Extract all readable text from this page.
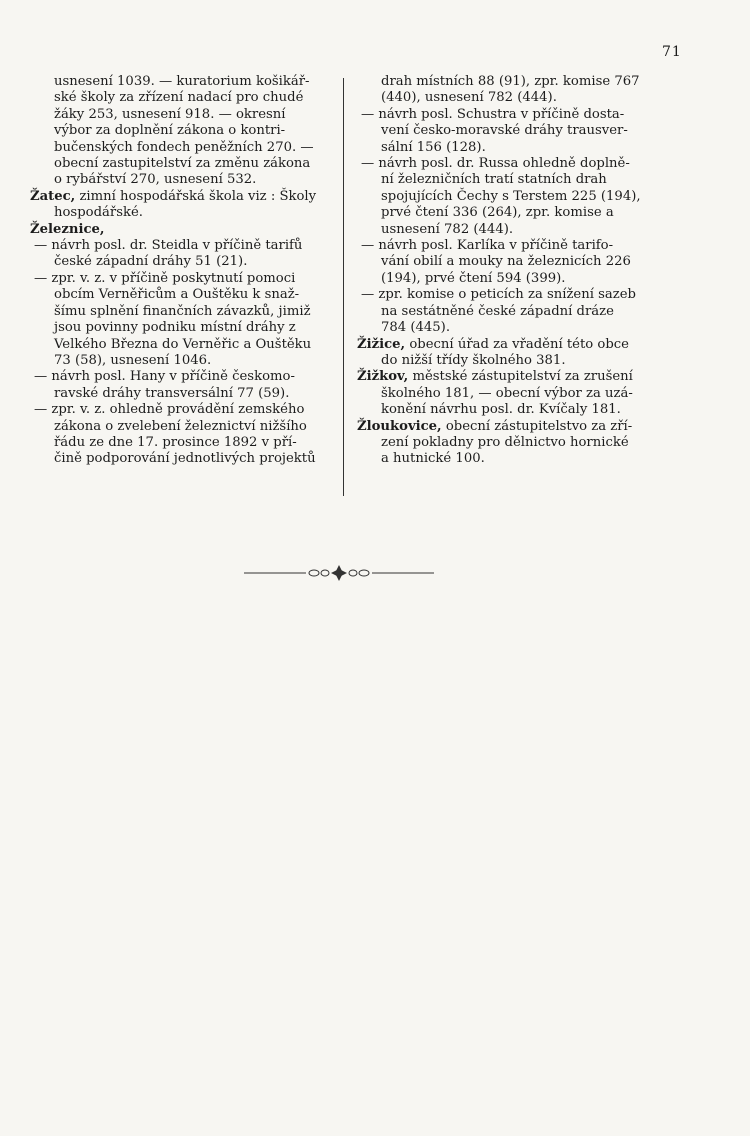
71
usnesení 1039. — kuratorium košikář-
ské školy za zřízení nadací pro chudé
žáky 253, usnesení 918. — okresní
výbor za doplnění zákona o kontri-
bučenských fondech peněžních 270. —
obecní zastupitelství za změnu zákona
o rybářství 270, usnesení 532.
Žatec, zimní hospodářská škola viz : Školy
hospodářské.
Železnice,
— návrh posl. dr. Steidla v příčině tarifů
české západní dráhy 51 (21).
— zpr. v. z. v příčině poskytnutí pomoci
obcím Verněřicům a Ouštěku k snaž-
šímu splnění finančních závazků, jimiž
jsou povinny podniku místní dráhy z
Velkého Března do Verněřic a Ouštěku
73 (58), usnesení 1046.
— návrh posl. Hany v příčině českomo-
ravské dráhy transversální 77 (59).
— zpr. v. z. ohledně provádění zemského
zákona o zvelebení železnictví nižšího
řádu ze dne 17. prosince 1892 v pří-
čině podporování jednotlivých projektů
drah místních 88 (91), zpr. komise 767
(440), usnesení 782 (444).
— návrh posl. Schustra v příčině dosta-
vení česko-moravské dráhy trausver-
sální 156 (128).
— návrh posl. dr. Russa ohledně doplně-
ní železničních tratí statních drah
spojujících Čechy s Terstem 225 (194),
prvé čtení 336 (264), zpr. komise a
usnesení 782 (444).
— návrh posl. Karlíka v příčině tarifo-
vání obilí a mouky na železnicích 226
(194), prvé čtení 594 (399).
— zpr. komise o peticích za snížení sazeb
na sestátněné české západní dráze
784 (445).
Žižice, obecní úřad za vřadění této obce
do nižší třídy školného 381.
Žižkov, městské zástupitelství za zrušení
školného 181, — obecní výbor za uzá-
konění návrhu posl. dr. Kvíčaly 181.
Žloukovice, obecní zástupitelstvo za zří-
zení pokladny pro dělnictvo hornické
a hutnické 100.
